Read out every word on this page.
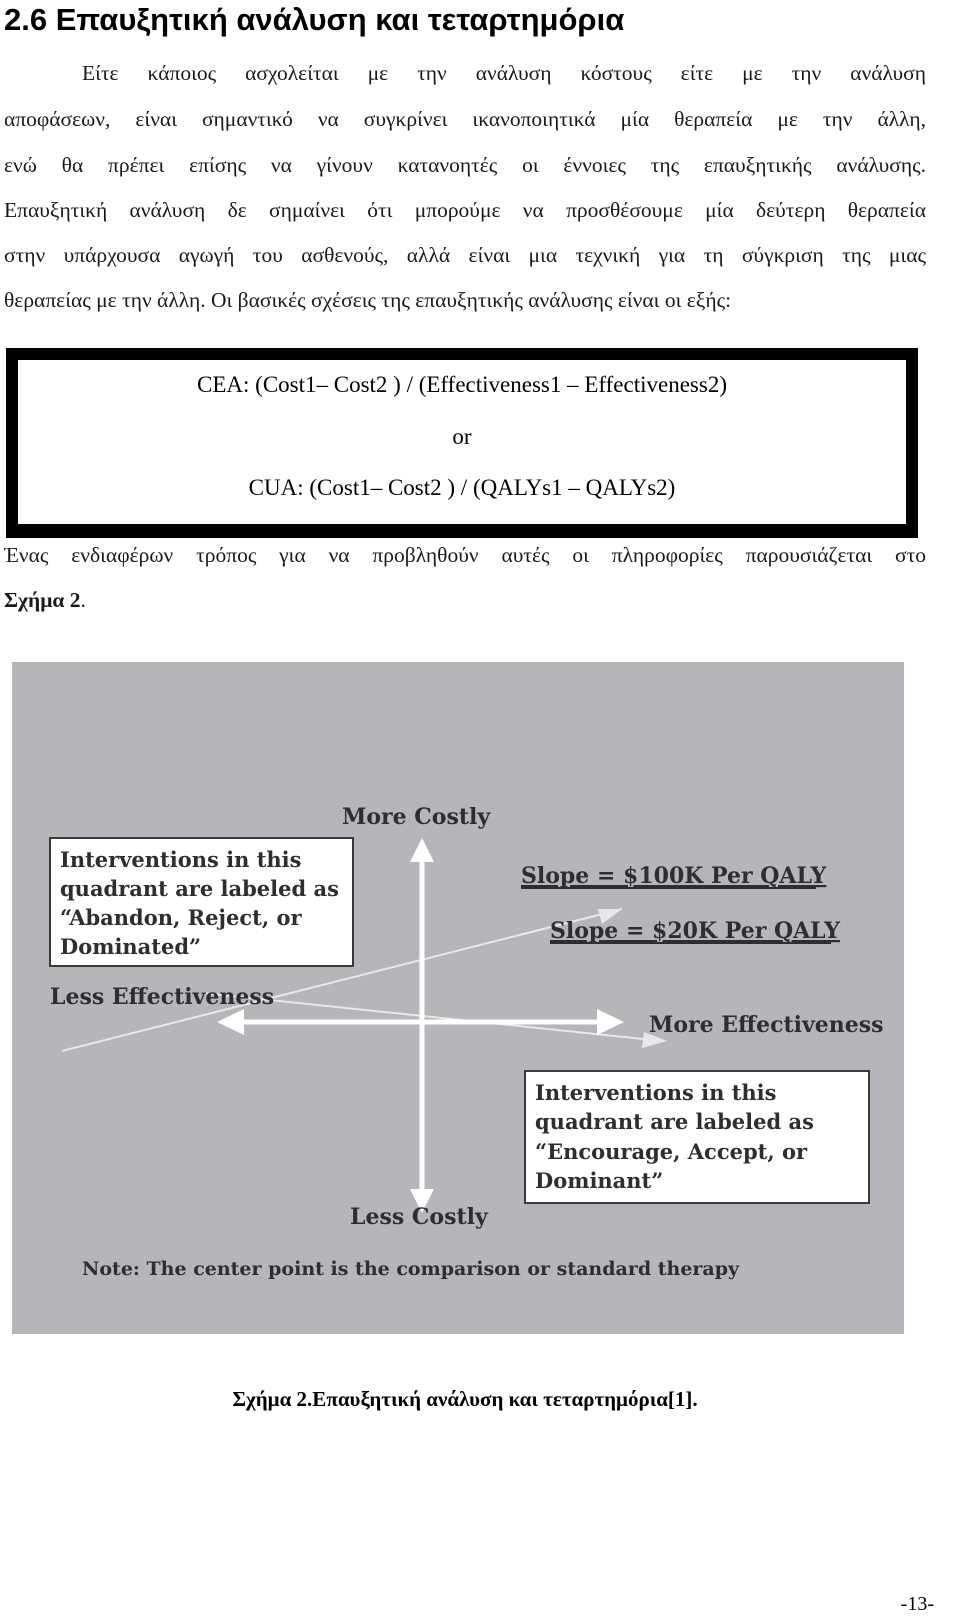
2.6 Επαυξητική ανάλυση και τεταρτημόρια
Είτε κάποιος ασχολείται με την ανάλυση κόστους είτε με την ανάλυση
αποφάσεων, είναι σημαντικό να συγκρίνει ικανοποιητικά μία θεραπεία με την άλλη,
ενώ θα πρέπει επίσης να γίνουν κατανοητές οι έννοιες της επαυξητικής ανάλυσης.
Επαυξητική ανάλυση δε σημαίνει ότι μπορούμε να προσθέσουμε μία δεύτερη θεραπεία
στην υπάρχουσα αγωγή του ασθενούς, αλλά είναι μια τεχνική για τη σύγκριση της μιας
θεραπείας με την άλλη. Οι βασικές σχέσεις της επαυξητικής ανάλυσης είναι οι εξής:
CEA: (Cost1– Cost2 ) / (Effectiveness1 – Effectiveness2)
or
CUA: (Cost1– Cost2 ) / (QALYs1 – QALYs2)
Ένας ενδιαφέρων τρόπος για να προβληθούν αυτές οι πληροφορίες παρουσιάζεται στο
Σχήμα 2.
More Costly
Less Costly
Less Effectiveness
More Effectiveness
Slope = $100K Per QALY
Slope = $20K Per QALY
Interventions in this
quadrant are labeled as
“Abandon, Reject, or
Dominated”
Interventions in this
quadrant are labeled as
“Encourage, Accept, or
Dominant”
Note: The center point is the comparison or standard therapy
Σχήμα 2.Επαυξητική ανάλυση και τεταρτημόρια[1].
-13-
